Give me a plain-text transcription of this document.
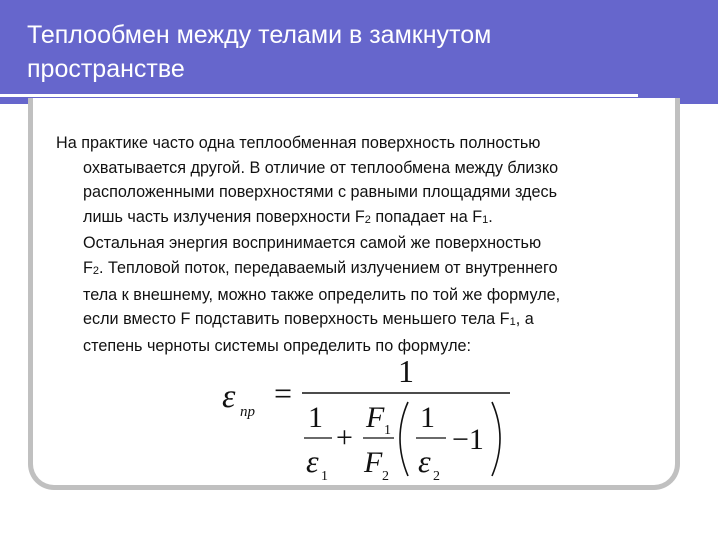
Теплообмен между телами в замкнутом
пространстве
На практике часто одна теплообменная поверхность полностью
охватывается другой. В отличие от теплообмена между близко
расположенными поверхностями с равными площадями здесь
лишь часть излучения поверхности F2 попадает на F1.
Остальная энергия воспринимается самой же поверхностью
F2. Тепловой поток, передаваемый излучением от внутреннего
тела к внешнему, можно также определить по той же формуле,
если вместо F подставить поверхность меньшего тела F1, а
степень черноты системы определить по формуле:
ε пр
=
1
1
ε 1
+
F 1
F 2
1
ε 2
−1
